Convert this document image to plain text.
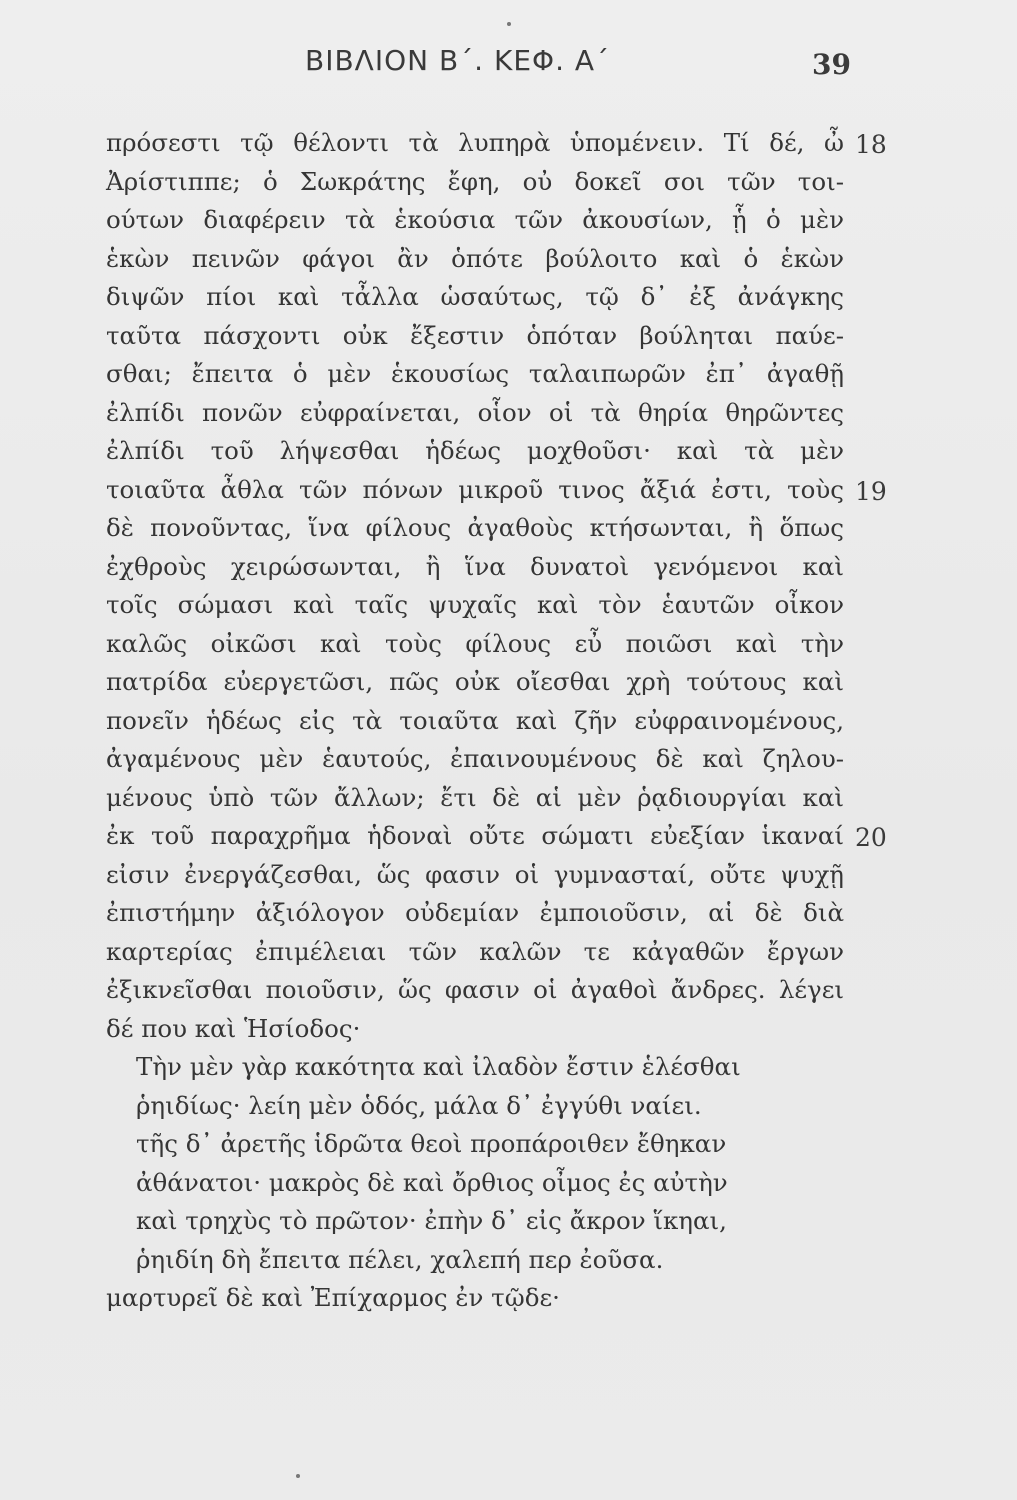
ΒΙΒΛΙΟΝ Β΄. ΚΕΦ. Α΄	39
πρόσεστι τῷ θέλοντι τὰ λυπηρὰ ὑπομένειν. Τί δέ, ὦ
Ἀρίστιππε; ὁ Σωκράτης ἔφη, οὐ δοκεῖ σοι τῶν τοι-
ούτων διαφέρειν τὰ ἑκούσια τῶν ἀκουσίων, ᾗ ὁ μὲν
ἑκὼν πεινῶν φάγοι ἂν ὁπότε βούλοιτο καὶ ὁ ἑκὼν
διψῶν πίοι καὶ τἆλλα ὡσαύτως, τῷ δ᾽ ἐξ ἀνάγκης
ταῦτα πάσχοντι οὐκ ἔξεστιν ὁπόταν βούληται παύε-
σθαι; ἔπειτα ὁ μὲν ἑκουσίως ταλαιπωρῶν ἐπ᾽ ἀγαθῇ
ἐλπίδι πονῶν εὐφραίνεται, οἷον οἱ τὰ θηρία θηρῶντες
ἐλπίδι τοῦ λήψεσθαι ἡδέως μοχθοῦσι· καὶ τὰ μὲν
τοιαῦτα ἆθλα τῶν πόνων μικροῦ τινος ἄξιά ἐστι, τοὺς
δὲ πονοῦντας, ἵνα φίλους ἀγαθοὺς κτήσωνται, ἢ ὅπως
ἐχθροὺς χειρώσωνται, ἢ ἵνα δυνατοὶ γενόμενοι καὶ
τοῖς σώμασι καὶ ταῖς ψυχαῖς καὶ τὸν ἑαυτῶν οἶκον
καλῶς οἰκῶσι καὶ τοὺς φίλους εὖ ποιῶσι καὶ τὴν
πατρίδα εὐεργετῶσι, πῶς οὐκ οἴεσθαι χρὴ τούτους καὶ
πονεῖν ἡδέως εἰς τὰ τοιαῦτα καὶ ζῆν εὐφραινομένους,
ἀγαμένους μὲν ἑαυτούς, ἐπαινουμένους δὲ καὶ ζηλου-
μένους ὑπὸ τῶν ἄλλων; ἔτι δὲ αἱ μὲν ῥᾳδιουργίαι καὶ
ἐκ τοῦ παραχρῆμα ἡδοναὶ οὔτε σώματι εὐεξίαν ἱκαναί
εἰσιν ἐνεργάζεσθαι, ὥς φασιν οἱ γυμνασταί, οὔτε ψυχῇ
ἐπιστήμην ἀξιόλογον οὐδεμίαν ἐμποιοῦσιν, αἱ δὲ διὰ
καρτερίας ἐπιμέλειαι τῶν καλῶν τε κἀγαθῶν ἔργων
ἐξικνεῖσθαι ποιοῦσιν, ὥς φασιν οἱ ἀγαθοὶ ἄνδρες. λέγει
δέ που καὶ Ἡσίοδος·
Τὴν μὲν γὰρ κακότητα καὶ ἰλαδὸν ἔστιν ἑλέσθαι
ῥηιδίως· λείη μὲν ὁδός, μάλα δ᾽ ἐγγύθι ναίει.
τῆς δ᾽ ἀρετῆς ἱδρῶτα θεοὶ προπάροιθεν ἔθηκαν
ἀθάνατοι· μακρὸς δὲ καὶ ὄρθιος οἶμος ἐς αὐτὴν
καὶ τρηχὺς τὸ πρῶτον· ἐπὴν δ᾽ εἰς ἄκρον ἵκηαι,
ῥηιδίη δὴ ἔπειτα πέλει, χαλεπή περ ἐοῦσα.
μαρτυρεῖ δὲ καὶ Ἐπίχαρμος ἐν τῷδε·
18
19
20
